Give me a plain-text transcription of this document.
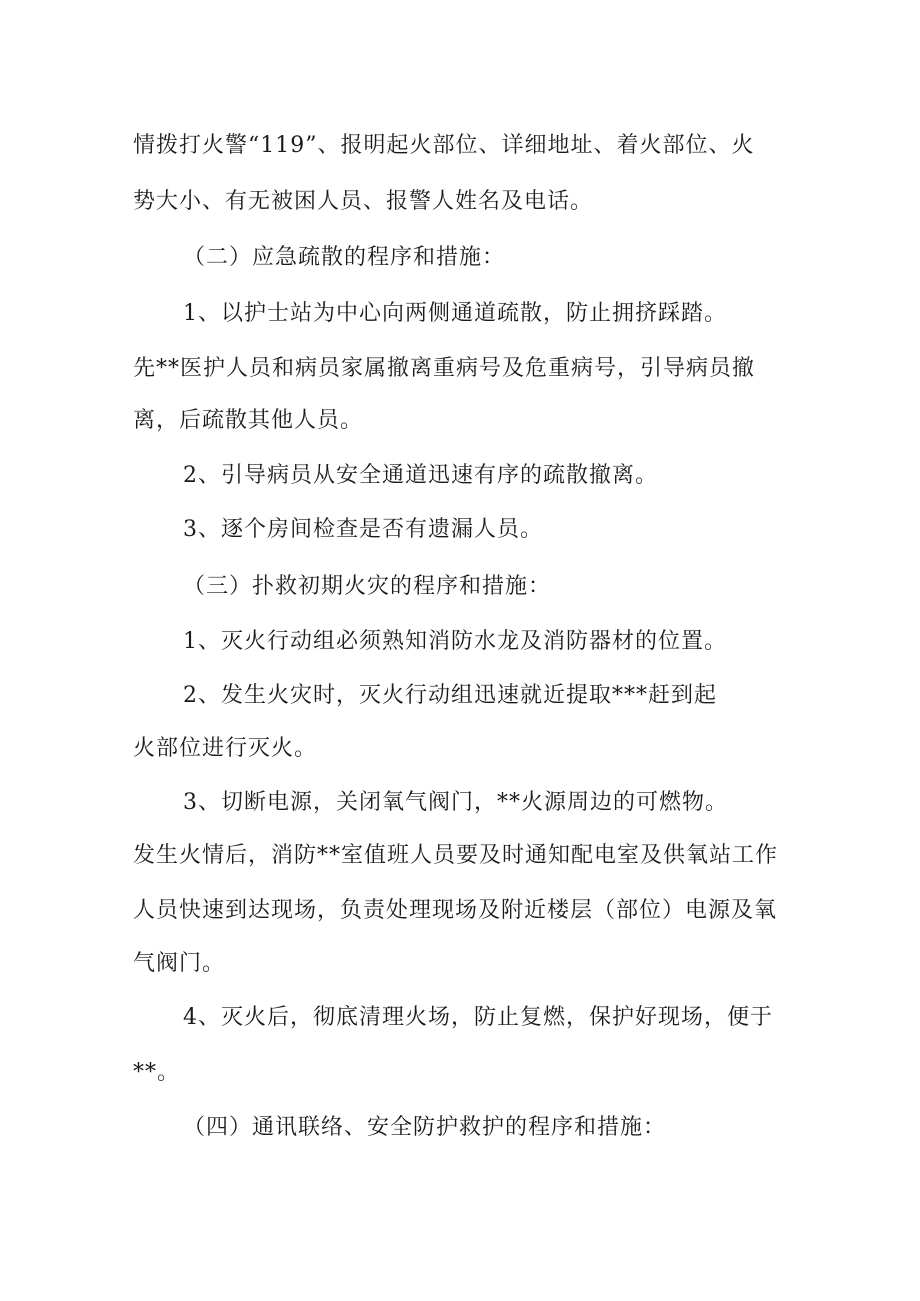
情拨打火警“119”、报明起火部位、详细地址、着火部位、火
势大小、有无被困人员、报警人姓名及电话。
（二）应急疏散的程序和措施：
1、以护士站为中心向两侧通道疏散，防止拥挤踩踏。
先**医护人员和病员家属撤离重病号及危重病号，引导病员撤
离，后疏散其他人员。
2、引导病员从安全通道迅速有序的疏散撤离。
3、逐个房间检查是否有遗漏人员。
（三）扑救初期火灾的程序和措施：
1、灭火行动组必须熟知消防水龙及消防器材的位置。
2、发生火灾时，灭火行动组迅速就近提取***赶到起
火部位进行灭火。
3、切断电源，关闭氧气阀门，**火源周边的可燃物。
发生火情后，消防**室值班人员要及时通知配电室及供氧站工作
人员快速到达现场，负责处理现场及附近楼层（部位）电源及氧
气阀门。
4、灭火后，彻底清理火场，防止复燃，保护好现场，便于
**。
（四）通讯联络、安全防护救护的程序和措施：
